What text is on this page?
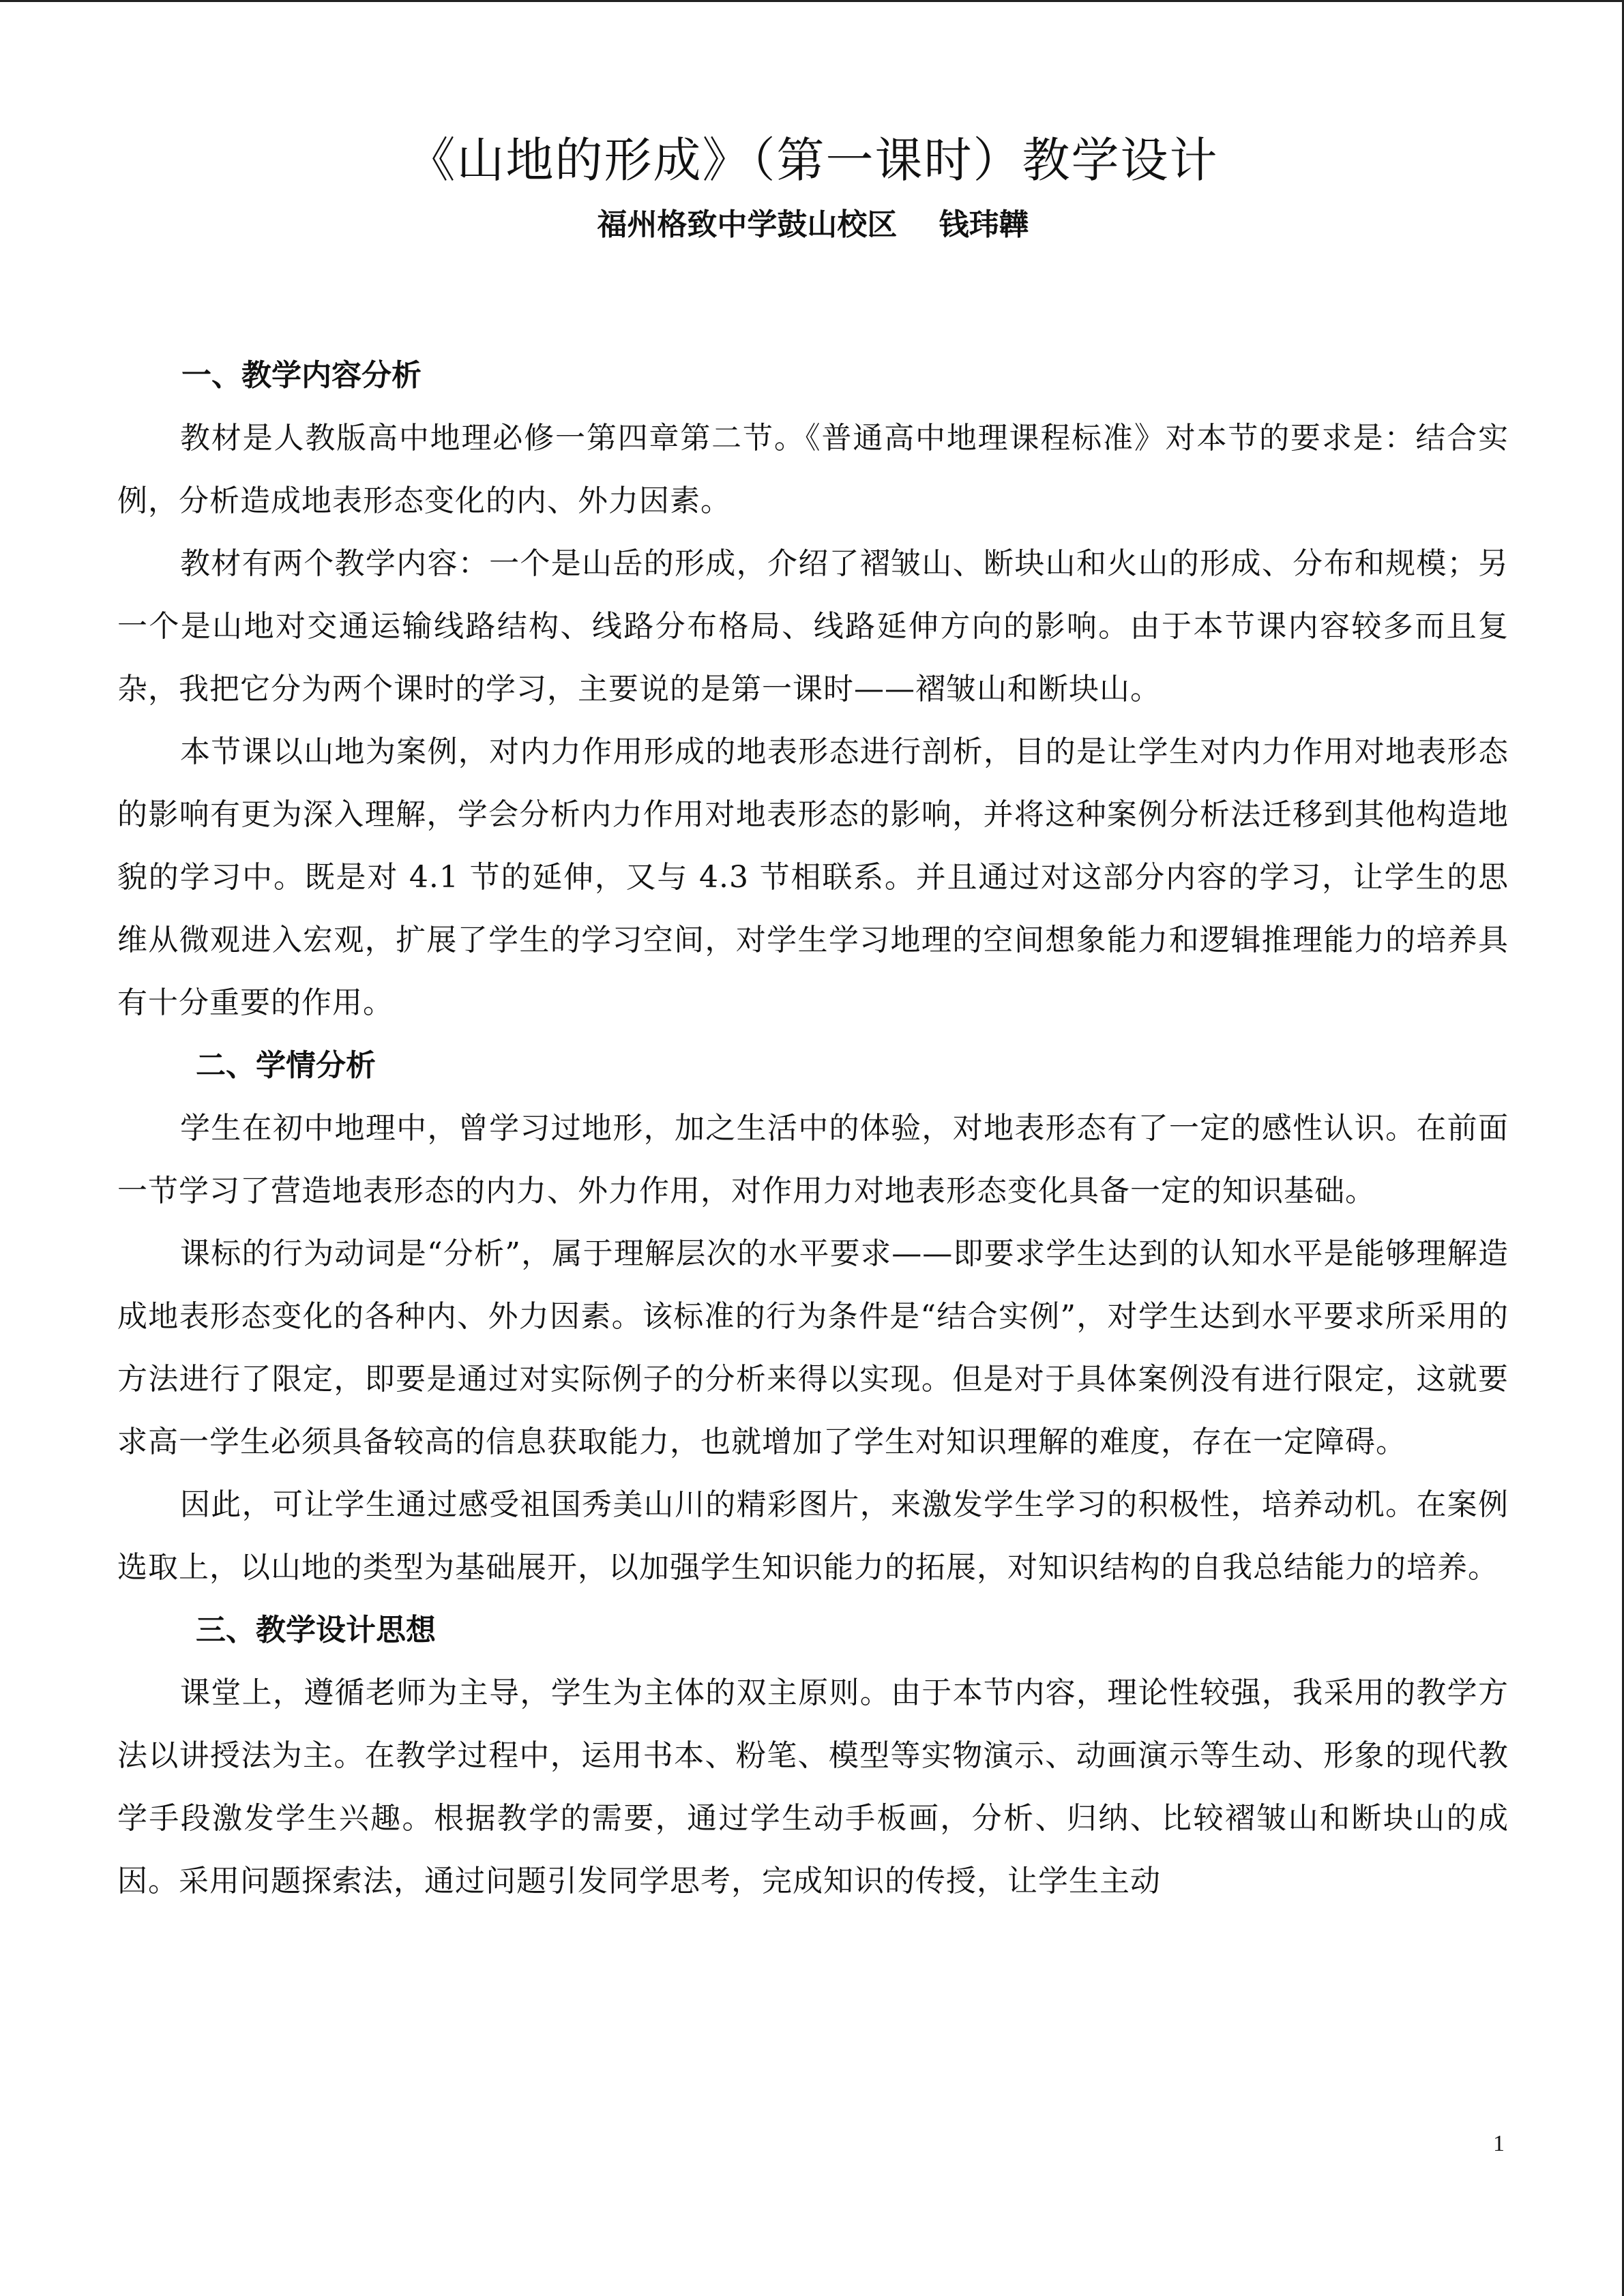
《山地的形成》（第一课时）教学设计

福州格致中学鼓山校区    钱玮韡

一、教学内容分析

教材是人教版高中地理必修一第四章第二节。《普通高中地理课程标准》对本节的要求是：结合实例，分析造成地表形态变化的内、外力因素。

教材有两个教学内容：一个是山岳的形成，介绍了褶皱山、断块山和火山的形成、分布和规模；另一个是山地对交通运输线路结构、线路分布格局、线路延伸方向的影响。由于本节课内容较多而且复杂，我把它分为两个课时的学习，主要说的是第一课时——褶皱山和断块山。

本节课以山地为案例，对内力作用形成的地表形态进行剖析，目的是让学生对内力作用对地表形态的影响有更为深入理解，学会分析内力作用对地表形态的影响，并将这种案例分析法迁移到其他构造地貌的学习中。既是对 4.1 节的延伸，又与 4.3 节相联系。并且通过对这部分内容的学习，让学生的思维从微观进入宏观，扩展了学生的学习空间，对学生学习地理的空间想象能力和逻辑推理能力的培养具有十分重要的作用。

二、学情分析

学生在初中地理中，曾学习过地形，加之生活中的体验，对地表形态有了一定的感性认识。在前面一节学习了营造地表形态的内力、外力作用，对作用力对地表形态变化具备一定的知识基础。

课标的行为动词是“分析”，属于理解层次的水平要求——即要求学生达到的认知水平是能够理解造成地表形态变化的各种内、外力因素。该标准的行为条件是“结合实例”，对学生达到水平要求所采用的方法进行了限定，即要是通过对实际例子的分析来得以实现。但是对于具体案例没有进行限定，这就要求高一学生必须具备较高的信息获取能力，也就增加了学生对知识理解的难度，存在一定障碍。

因此，可让学生通过感受祖国秀美山川的精彩图片，来激发学生学习的积极性，培养动机。在案例选取上，以山地的类型为基础展开，以加强学生知识能力的拓展，对知识结构的自我总结能力的培养。

三、教学设计思想

课堂上，遵循老师为主导，学生为主体的双主原则。由于本节内容，理论性较强，我采用的教学方法以讲授法为主。在教学过程中，运用书本、粉笔、模型等实物演示、动画演示等生动、形象的现代教学手段激发学生兴趣。根据教学的需要，通过学生动手板画，分析、归纳、比较褶皱山和断块山的成因。采用问题探索法，通过问题引发同学思考，完成知识的传授，让学生主动

1
